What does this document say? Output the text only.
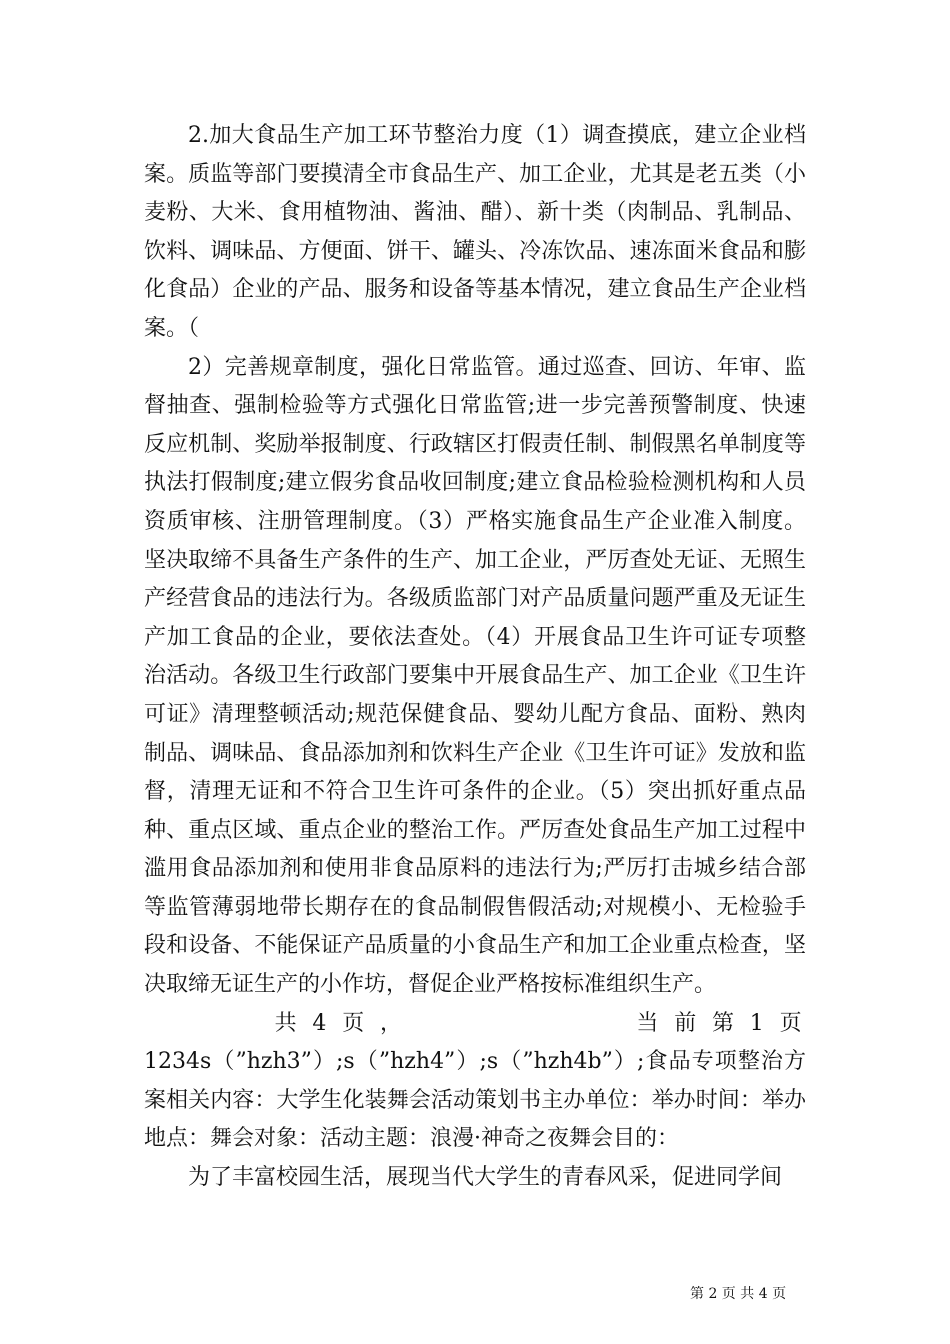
2.加大食品生产加工环节整治力度（1）调查摸底，建立企业档案。质监等部门要摸清全市食品生产、加工企业，尤其是老五类（小麦粉、大米、食用植物油、酱油、醋）、新十类（肉制品、乳制品、饮料、调味品、方便面、饼干、罐头、冷冻饮品、速冻面米食品和膨化食品）企业的产品、服务和设备等基本情况，建立食品生产企业档案。（

2）完善规章制度，强化日常监管。通过巡查、回访、年审、监督抽查、强制检验等方式强化日常监管;进一步完善预警制度、快速反应机制、奖励举报制度、行政辖区打假责任制、制假黑名单制度等执法打假制度;建立假劣食品收回制度;建立食品检验检测机构和人员资质审核、注册管理制度。（3）严格实施食品生产企业准入制度。坚决取缔不具备生产条件的生产、加工企业，严厉查处无证、无照生产经营食品的违法行为。各级质监部门对产品质量问题严重及无证生产加工食品的企业，要依法查处。（4）开展食品卫生许可证专项整治活动。各级卫生行政部门要集中开展食品生产、加工企业《卫生许可证》清理整顿活动;规范保健食品、婴幼儿配方食品、面粉、熟肉制品、调味品、食品添加剂和饮料生产企业《卫生许可证》发放和监督，清理无证和不符合卫生许可条件的企业。（5）突出抓好重点品种、重点区域、重点企业的整治工作。严厉查处食品生产加工过程中滥用食品添加剂和使用非食品原料的违法行为;严厉打击城乡结合部等监管薄弱地带长期存在的食品制假售假活动;对规模小、无检验手段和设备、不能保证产品质量的小食品生产和加工企业重点检查，坚决取缔无证生产的小作坊，督促企业严格按标准组织生产。

共 4 页 ，	当 前 第 1 页
1234s（”hzh3”）;s（”hzh4”）;s（”hzh4b”）;食品专项整治方案相关内容：大学生化装舞会活动策划书主办单位：举办时间：举办地点：舞会对象：活动主题：浪漫·神奇之夜舞会目的：

为了丰富校园生活，展现当代大学生的青春风采，促进同学间

第 2 页 共 4 页
